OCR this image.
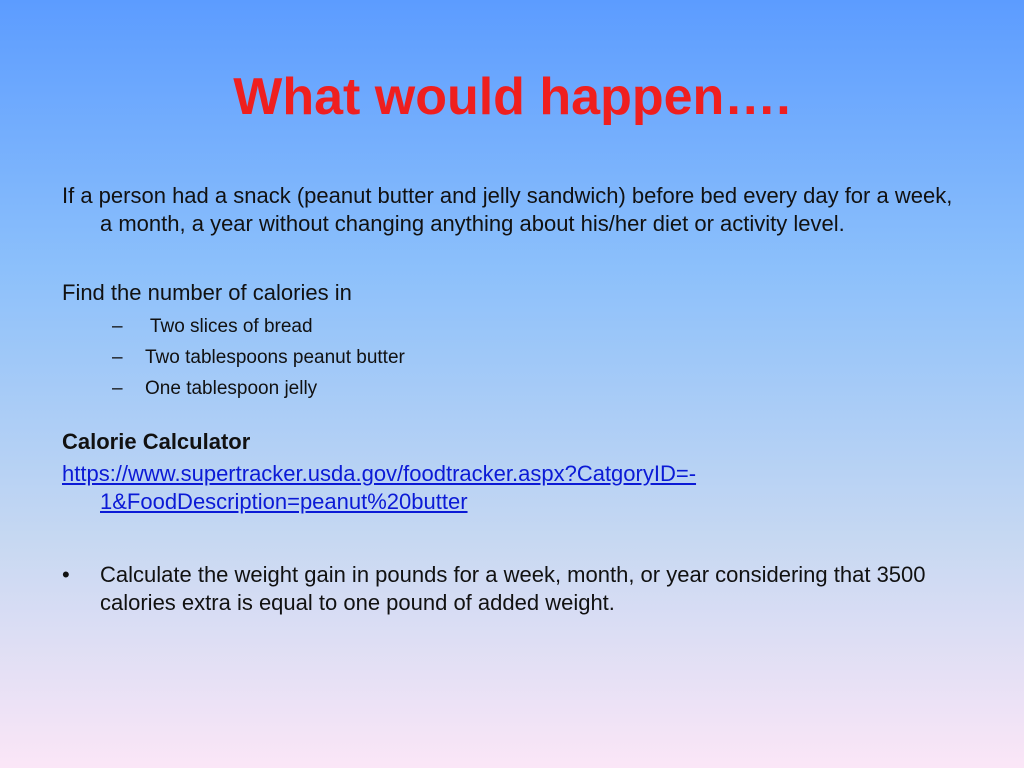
What would happen….

If a person had a snack (peanut butter and jelly sandwich) before bed every day for a week, a month, a year without changing anything about his/her diet or activity level.

Find the number of calories in

– Two slices of bread
– Two tablespoons peanut butter
– One tablespoon jelly

Calorie Calculator

https://www.supertracker.usda.gov/foodtracker.aspx?CatgoryID=-
1&FoodDescription=peanut%20butter
• Calculate the weight gain in pounds for a week, month, or year considering that 3500 calories extra is equal to one pound of added weight.
